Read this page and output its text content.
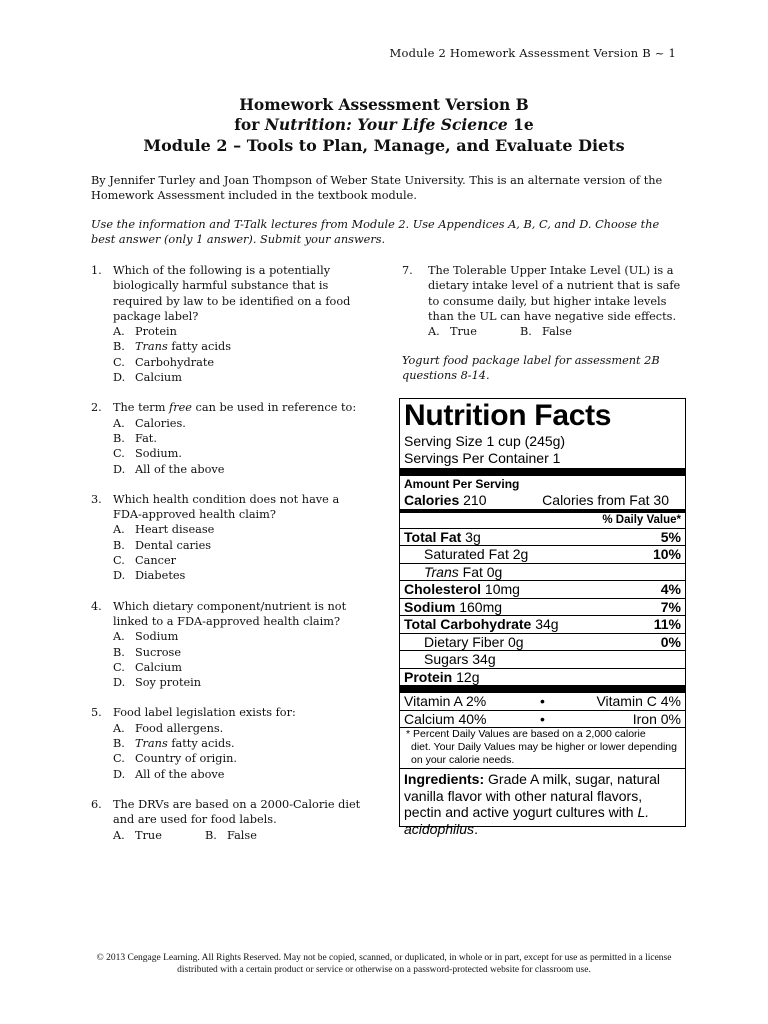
Module 2 Homework Assessment Version B ~ 1
Homework Assessment Version B
for Nutrition: Your Life Science 1e
Module 2 – Tools to Plan, Manage, and Evaluate Diets

By Jennifer Turley and Joan Thompson of Weber State University. This is an alternate version of the Homework Assessment included in the textbook module.

Use the information and T-Talk lectures from Module 2. Use Appendices A, B, C, and D. Choose the best answer (only 1 answer). Submit your answers.

1. Which of the following is a potentially biologically harmful substance that is required by law to be identified on a food package label?
A. Protein
B. Trans fatty acids
C. Carbohydrate
D. Calcium
2. The term free can be used in reference to:
A. Calories.
B. Fat.
C. Sodium.
D. All of the above
3. Which health condition does not have a FDA-approved health claim?
A. Heart disease
B. Dental caries
C. Cancer
D. Diabetes
4. Which dietary component/nutrient is not linked to a FDA-approved health claim?
A. Sodium
B. Sucrose
C. Calcium
D. Soy protein
5. Food label legislation exists for:
A. Food allergens.
B. Trans fatty acids.
C. Country of origin.
D. All of the above
6. The DRVs are based on a 2000-Calorie diet and are used for food labels.
A. True	B. False
7.	The Tolerable Upper Intake Level (UL) is a dietary intake level of a nutrient that is safe to consume daily, but higher intake levels than the UL can have negative side effects.
A. True	B. False
Yogurt food package label for assessment 2B questions 8-14.
Nutrition Facts
Serving Size 1 cup (245g)
Servings Per Container 1
Amount Per Serving
Calories 210	Calories from Fat 30
% Daily Value*
Total Fat 3g	5%
Saturated Fat 2g	10%
Trans Fat 0g
Cholesterol 10mg	4%
Sodium 160mg	7%
Total Carbohydrate 34g	11%
Dietary Fiber 0g	0%
Sugars 34g
Protein 12g
Vitamin A 2%	•	Vitamin C 4%
Calcium 40%	•	Iron 0%
* Percent Daily Values are based on a 2,000 calorie
diet. Your Daily Values may be higher or lower depending on your calorie needs.
Ingredients: Grade A milk, sugar, natural vanilla flavor with other natural flavors, pectin and active yogurt cultures with L. acidophilus.
© 2013 Cengage Learning. All Rights Reserved. May not be copied, scanned, or duplicated, in whole or in part, except for use as permitted in a license distributed with a certain product or service or otherwise on a password-protected website for classroom use.
